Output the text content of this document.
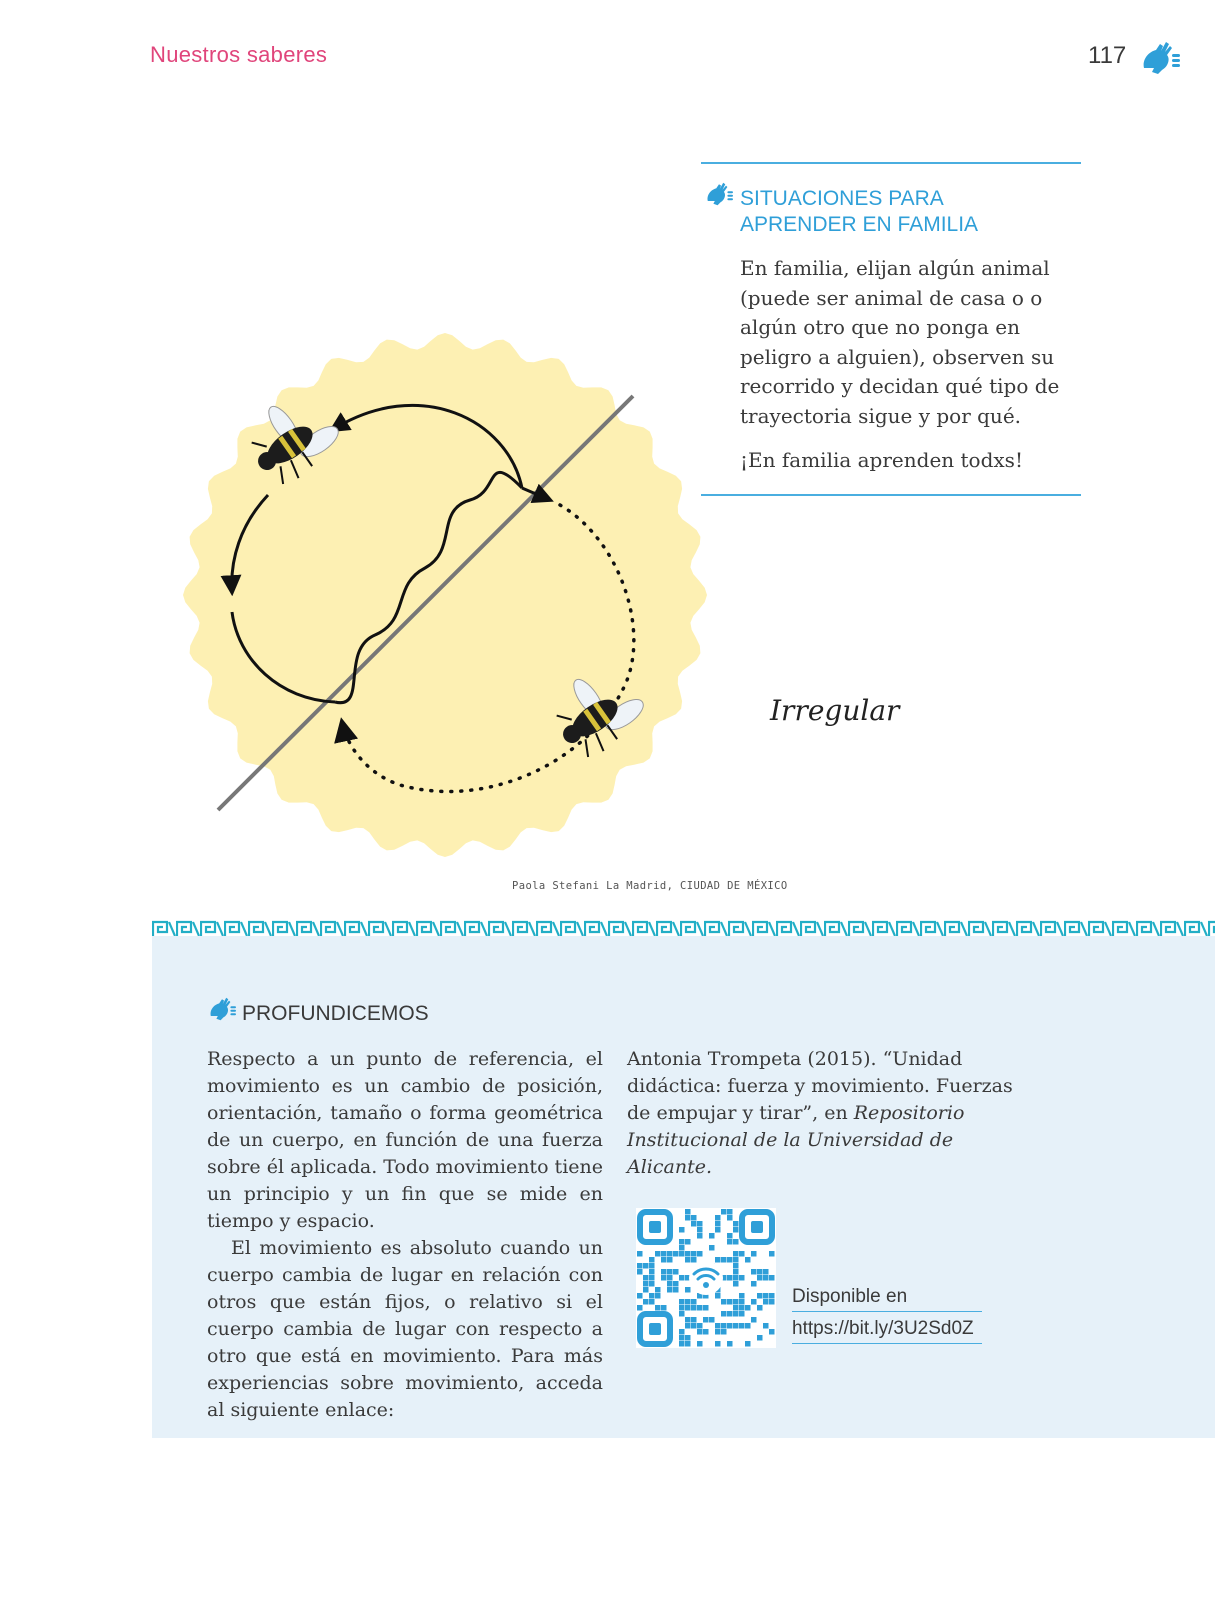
Nuestros saberes	117
SITUACIONES PARA
APRENDER EN FAMILIA
En familia, elijan algún animal (puede ser animal de casa o o algún otro que no ponga en peligro a alguien), observen su recorrido y decidan qué tipo de trayectoria sigue y por qué.
¡En familia aprenden todxs!
Irregular
Paola Stefani La Madrid, CIUDAD DE MÉXICO
PROFUNDICEMOS

Respecto a un punto de referencia, el movimiento es un cambio de posición, orientación, tamaño o forma geométrica de un cuerpo, en función de una fuerza sobre él aplicada. Todo movimiento tiene un principio y un fin que se mide en tiempo y espacio.

El movimiento es absoluto cuando un cuerpo cambia de lugar en relación con otros que están fijos, o relativo si el cuerpo cambia de lugar con respecto a otro que está en movimiento. Para más experiencias sobre movimiento, acceda al siguiente enlace:

Antonia Trompeta (2015). “Unidad didáctica: fuerza y movimiento. Fuerzas de empujar y tirar”, en Repositorio Institucional de la Universidad de Alicante.
Disponible en
https://bit.ly/3U2Sd0Z
